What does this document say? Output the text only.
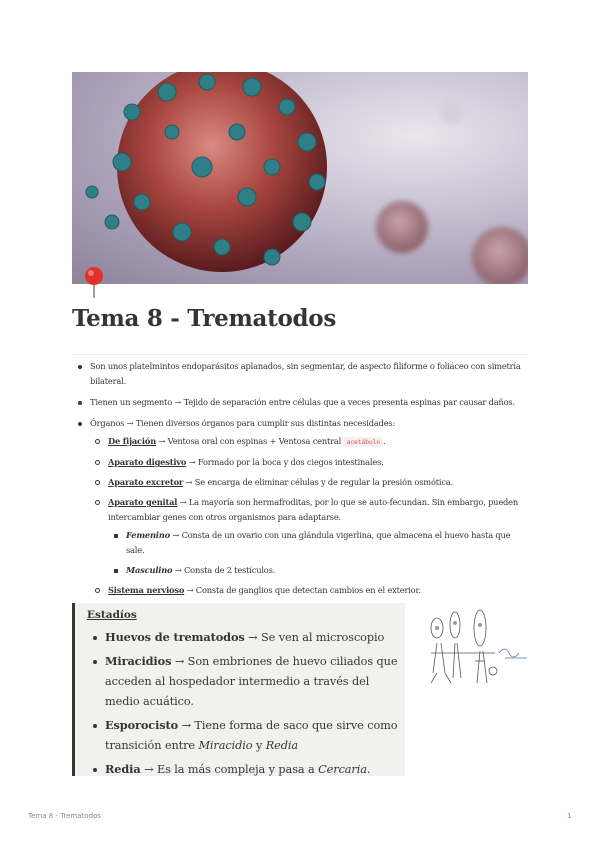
Tema 8 - Trematodos
Son unos platelmintos endoparásitos aplanados, sin segmentar, de aspecto filiforme o foliáceo con simetría bilateral.
Tienen un segmento → Tejido de separación entre células que a veces presenta espinas par causar daños.
Órganos → Tienen diversos órganos para cumplir sus distintas necesidades:
De fijación → Ventosa oral con espinas + Ventosa central acetábulo .
Aparato digestivo → Formado por la boca y dos ciegos intestinales.
Aparato excretor → Se encarga de eliminar células y de regular la presión osmótica.
Aparato genital → La mayoría son hermafroditas, por lo que se auto-fecundan. Sin embargo, pueden intercambiar genes con otros organismos para adaptarse.
Femenino → Consta de un ovario con una glándula vigerlina, que almacena el huevo hasta que sale.
Masculino → Consta de 2 testículos.
Sistema nervioso → Consta de ganglios que detectan cambios en el exterior.
Estadíos
Huevos de trematodos → Se ven al microscopio
Miracidios → Son embriones de huevo ciliados que acceden al hospedador intermedio a través del medio acuático.
Esporocisto → Tiene forma de saco que sirve como transición entre Miracidio y Redia
Redia → Es la más compleja y pasa a Cercaria.
Tema 8 - Trematodos	1
